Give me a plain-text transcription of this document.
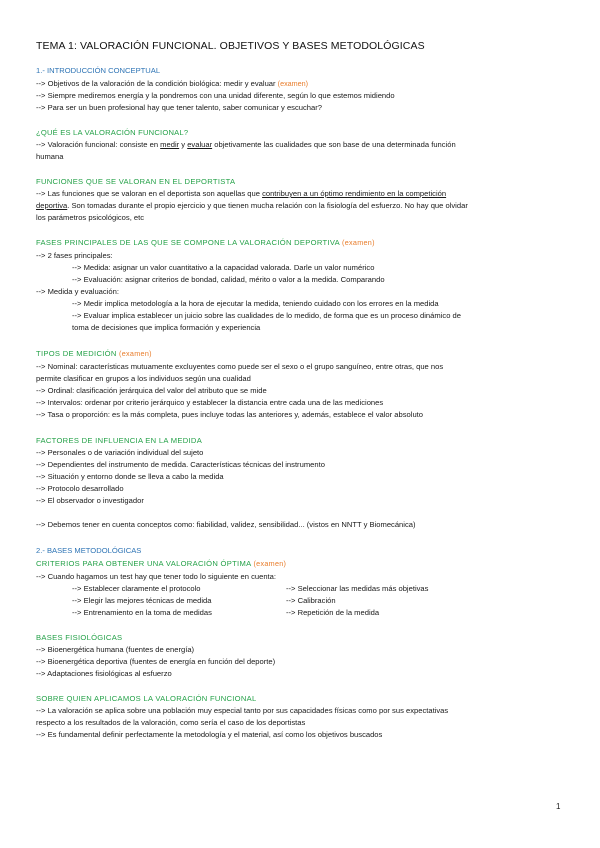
TEMA 1: VALORACIÓN FUNCIONAL. OBJETIVOS Y BASES METODOLÓGICAS
1.- INTRODUCCIÓN CONCEPTUAL
--> Objetivos de la valoración de la condición biológica: medir y evaluar (examen)
--> Siempre mediremos energía y la pondremos con una unidad diferente, según lo que estemos midiendo
--> Para ser un buen profesional hay que tener talento, saber comunicar y escuchar?
¿QUÉ ES LA VALORACIÓN FUNCIONAL?
--> Valoración funcional: consiste en medir y evaluar objetivamente las cualidades que son base de una determinada función
humana
FUNCIONES QUE SE VALORAN EN EL DEPORTISTA
--> Las funciones que se valoran en el deportista son aquellas que contribuyen a un óptimo rendimiento en la competición
deportiva. Son tomadas durante el propio ejercicio y que tienen mucha relación con la fisiología del esfuerzo. No hay que olvidar
los parámetros psicológicos, etc
FASES PRINCIPALES DE LAS QUE SE COMPONE LA VALORACIÓN DEPORTIVA (examen)
--> 2 fases principales:
--> Medida: asignar un valor cuantitativo a la capacidad valorada. Darle un valor numérico
--> Evaluación: asignar criterios de bondad, calidad, mérito o valor a la medida. Comparando
--> Medida y evaluación:
--> Medir implica metodología a la hora de ejecutar la medida, teniendo cuidado con los errores en la medida
--> Evaluar implica establecer un juicio sobre las cualidades de lo medido, de forma que es un proceso dinámico de
toma de decisiones que implica formación y experiencia
TIPOS DE MEDICIÓN (examen)
--> Nominal: características mutuamente excluyentes como puede ser el sexo o el grupo sanguíneo, entre otras, que nos
permite clasificar en grupos a los individuos según una cualidad
--> Ordinal: clasificación jerárquica del valor del atributo que se mide
--> Intervalos: ordenar por criterio jerárquico y establecer la distancia entre cada una de las mediciones
--> Tasa o proporción: es la más completa, pues incluye todas las anteriores y, además, establece el valor absoluto
FACTORES DE INFLUENCIA EN LA MEDIDA
--> Personales o de variación individual del sujeto
--> Dependientes del instrumento de medida. Características técnicas del instrumento
--> Situación y entorno donde se lleva a cabo la medida
--> Protocolo desarrollado
--> El observador o investigador
--> Debemos tener en cuenta conceptos como: fiabilidad, validez, sensibilidad... (vistos en NNTT y Biomecánica)
2.- BASES METODOLÓGICAS
CRITERIOS PARA OBTENER UNA VALORACIÓN ÓPTIMA (examen)
--> Cuando hagamos un test hay que tener todo lo siguiente en cuenta:
--> Establecer claramente el protocolo
--> Elegir las mejores técnicas de medida
--> Entrenamiento en la toma de medidas
--> Seleccionar las medidas más objetivas
--> Calibración
--> Repetición de la medida
BASES FISIOLÓGICAS
--> Bioenergética humana (fuentes de energía)
--> Bioenergética deportiva (fuentes de energía en función del deporte)
--> Adaptaciones fisiológicas al esfuerzo
SOBRE QUIEN APLICAMOS LA VALORACIÓN FUNCIONAL
--> La valoración se aplica sobre una población muy especial tanto por sus capacidades físicas como por sus expectativas
respecto a los resultados de la valoración, como sería el caso de los deportistas
--> Es fundamental definir perfectamente la metodología y el material, así como los objetivos buscados
1
